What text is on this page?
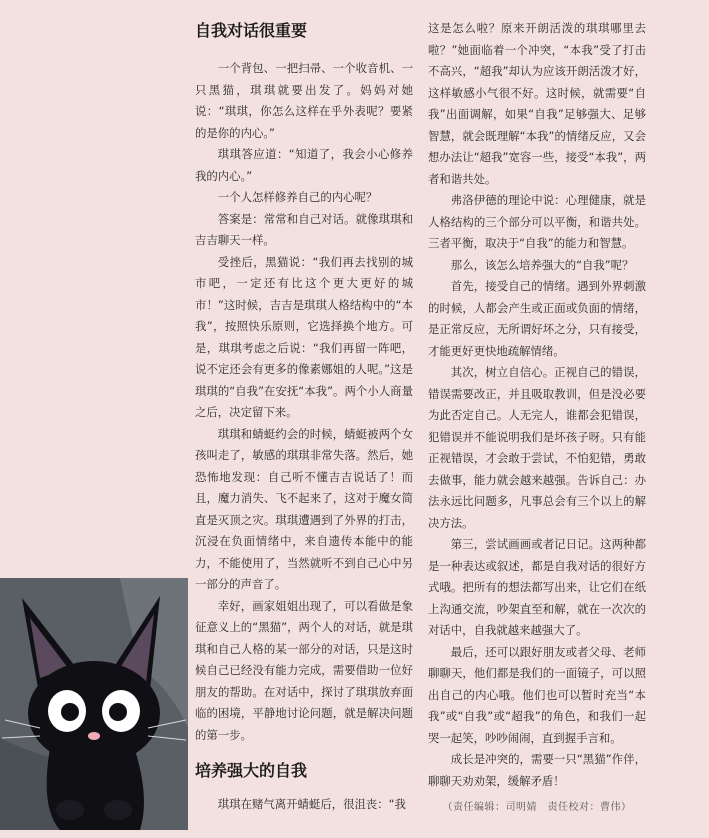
自我对话很重要

一个背包、一把扫帚、一个收音机、一只黑猫，琪琪就要出发了。妈妈对她说：“琪琪，你怎么这样在乎外表呢？要紧的是你的内心。”

琪琪答应道：“知道了，我会小心修养我的内心。”

一个人怎样修养自己的内心呢？

答案是：常常和自己对话。就像琪琪和吉吉聊天一样。

受挫后，黑猫说：“我们再去找别的城市吧，一定还有比这个更大更好的城市！”这时候，吉吉是琪琪人格结构中的“本我”，按照快乐原则，它选择换个地方。可是，琪琪考虑之后说：“我们再留一阵吧，说不定还会有更多的像素娜姐的人呢。”这是琪琪的“自我”在安抚“本我”。两个小人商量之后，决定留下来。

琪琪和蜻蜓约会的时候，蜻蜓被两个女孩叫走了，敏感的琪琪非常失落。然后，她恐怖地发现：自己听不懂吉吉说话了！而且，魔力消失、飞不起来了，这对于魔女简直是灭顶之灾。琪琪遭遇到了外界的打击，沉浸在负面情绪中，来自遗传本能中的能力，不能使用了，当然就听不到自己心中另一部分的声音了。

幸好，画家姐姐出现了，可以看做是象征意义上的“黑猫”，两个人的对话，就是琪琪和自己人格的某一部分的对话，只是这时候自己已经没有能力完成，需要借助一位好朋友的帮助。在对话中，探讨了琪琪放弃面临的困境，平静地讨论问题，就是解决问题的第一步。

培养强大的自我

琪琪在赌气离开蜻蜓后，很沮丧：“我

这是怎么啦？原来开朗活泼的琪琪哪里去啦？”她面临着一个冲突，“本我”受了打击不高兴，“超我”却认为应该开朗活泼才好，这样敏感小气很不好。这时候，就需要“自我”出面调解，如果“自我”足够强大、足够智慧，就会既理解“本我”的情绪反应，又会想办法让“超我”宽容一些，接受“本我”，两者和谐共处。

弗洛伊德的理论中说：心理健康，就是人格结构的三个部分可以平衡，和谐共处。三者平衡，取决于“自我”的能力和智慧。

那么，该怎么培养强大的“自我”呢？

首先，接受自己的情绪。遇到外界刺激的时候，人都会产生或正面或负面的情绪，是正常反应，无所谓好坏之分，只有接受，才能更好更快地疏解情绪。

其次，树立自信心。正视自己的错误，错误需要改正，并且吸取教训，但是没必要为此否定自己。人无完人，谁都会犯错误，犯错误并不能说明我们是坏孩子呀。只有能正视错误，才会敢于尝试，不怕犯错，勇敢去做事，能力就会越来越强。告诉自己：办法永远比问题多，凡事总会有三个以上的解决方法。

第三，尝试画画或者记日记。这两种都是一种表达或叙述，都是自我对话的很好方式哦。把所有的想法都写出来，让它们在纸上沟通交流，吵架直至和解，就在一次次的对话中，自我就越来越强大了。

最后，还可以跟好朋友或者父母、老师聊聊天，他们都是我们的一面镜子，可以照出自己的内心哦。他们也可以暂时充当“本我”或“自我”或“超我”的角色，和我们一起哭一起笑，吵吵闹闹，直到握手言和。

成长是冲突的，需要一只“黑猫”作伴，聊聊天劝劝架，缓解矛盾！

（责任编辑：司明婧　责任校对：曹伟）
